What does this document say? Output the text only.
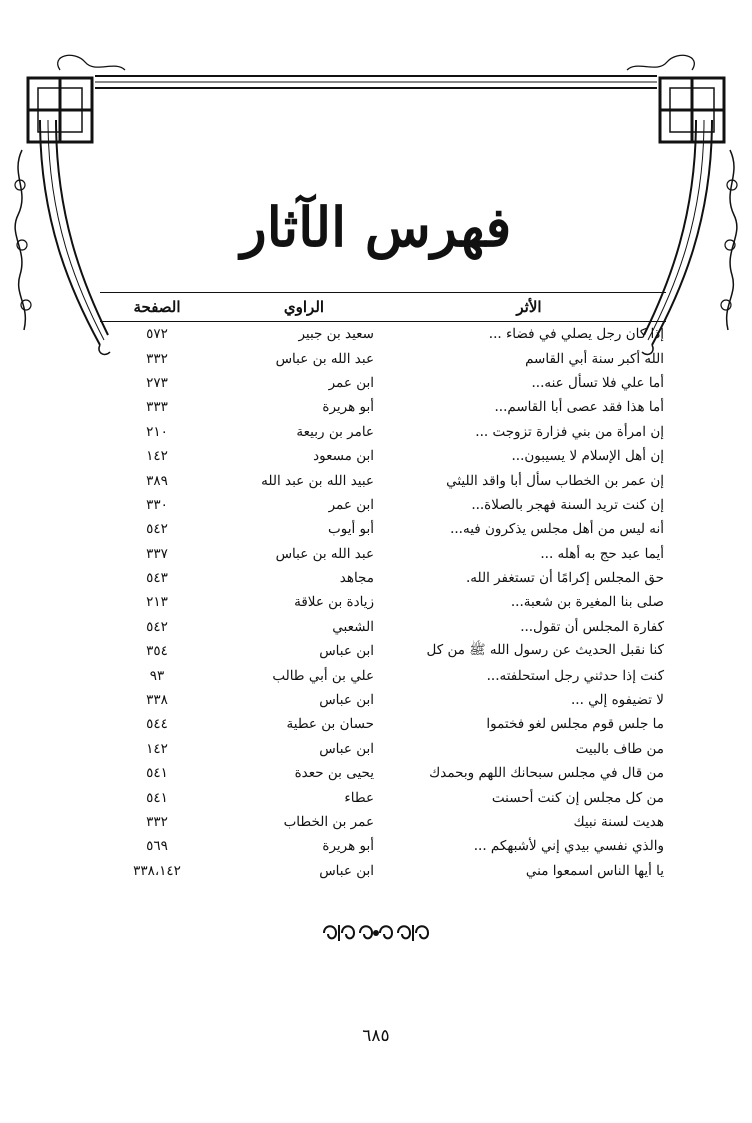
فهرس الآثار
الأثر	الراوي	الصفحة
إذا كان رجل يصلي في فضاء ...	سعيد بن جبير	٥٧٢
الله أكبر سنة أبي القاسم	عبد الله بن عباس	٣٣٢
أما علي فلا تسأل عنه...	ابن عمر	٢٧٣
أما هذا فقد عصى أبا القاسم...	أبو هريرة	٣٣٣
إن امرأة من بني فزارة تزوجت ...	عامر بن ربيعة	٢١٠
إن أهل الإسلام لا يسيبون...	ابن مسعود	١٤٢
إن عمر بن الخطاب سأل أبا واقد الليثي	عبيد الله بن عبد الله	٣٨٩
إن كنت تريد السنة فهجر بالصلاة...	ابن عمر	٣٣٠
أنه ليس من أهل مجلس يذكرون فيه...	أبو أيوب	٥٤٢
أيما عبد حج به أهله ...	عبد الله بن عباس	٣٣٧
حق المجلس إكرامًا أن تستغفر الله.	مجاهد	٥٤٣
صلى بنا المغيرة بن شعبة...	زيادة بن علاقة	٢١٣
كفارة المجلس أن تقول...	الشعبي	٥٤٢
كنا نقبل الحديث عن رسول الله ﷺ من كل	ابن عباس	٣٥٤
كنت إذا حدثني رجل استحلفته...	علي بن أبي طالب	٩٣
لا تضيفوه إلي ...	ابن عباس	٣٣٨
ما جلس قوم مجلس لغو فختموا	حسان بن عطية	٥٤٤
من طاف بالبيت	ابن عباس	١٤٢
من قال في مجلس سبحانك اللهم وبحمدك	يحيى بن حعدة	٥٤١
من كل مجلس إن كنت أحسنت	عطاء	٥٤١
هديت لسنة نبيك	عمر بن الخطاب	٣٣٢
والذي نفسي بيدي إني لأشبهكم ...	أبو هريرة	٥٦٩
يا أيها الناس اسمعوا مني	ابن عباس	٣٣٨،١٤٢
٦٨٥
